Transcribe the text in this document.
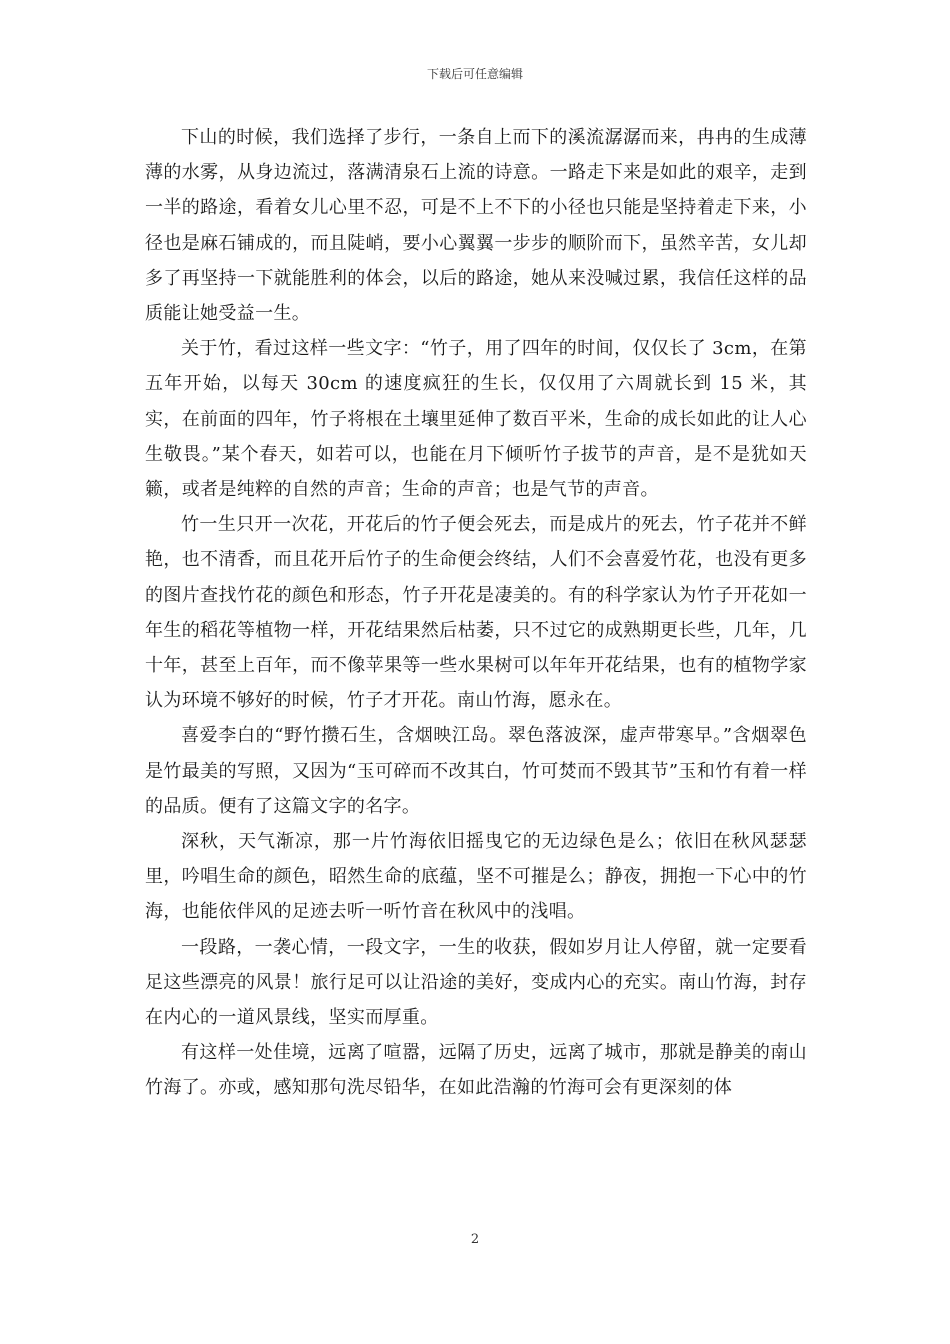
下载后可任意编辑

下山的时候，我们选择了步行，一条自上而下的溪流潺潺而来，冉冉的生成薄薄的水雾，从身边流过，落满清泉石上流的诗意。一路走下来是如此的艰辛，走到一半的路途，看着女儿心里不忍，可是不上不下的小径也只能是坚持着走下来，小径也是麻石铺成的，而且陡峭，要小心翼翼一步步的顺阶而下，虽然辛苦，女儿却多了再坚持一下就能胜利的体会，以后的路途，她从来没喊过累，我信任这样的品质能让她受益一生。

关于竹，看过这样一些文字：“竹子，用了四年的时间，仅仅长了 3cm，在第五年开始，以每天 30cm 的速度疯狂的生长，仅仅用了六周就长到 15 米，其实，在前面的四年，竹子将根在土壤里延伸了数百平米，生命的成长如此的让人心生敬畏。”某个春天，如若可以，也能在月下倾听竹子拔节的声音，是不是犹如天籁，或者是纯粹的自然的声音；生命的声音；也是气节的声音。

竹一生只开一次花，开花后的竹子便会死去，而是成片的死去，竹子花并不鲜艳，也不清香，而且花开后竹子的生命便会终结，人们不会喜爱竹花，也没有更多的图片查找竹花的颜色和形态，竹子开花是凄美的。有的科学家认为竹子开花如一年生的稻花等植物一样，开花结果然后枯萎，只不过它的成熟期更长些，几年，几十年，甚至上百年，而不像苹果等一些水果树可以年年开花结果，也有的植物学家认为环境不够好的时候，竹子才开花。南山竹海，愿永在。

喜爱李白的“野竹攒石生，含烟映江岛。翠色落波深，虚声带寒早。”含烟翠色是竹最美的写照，又因为“玉可碎而不改其白，竹可焚而不毁其节”玉和竹有着一样的品质。便有了这篇文字的名字。

深秋，天气渐凉，那一片竹海依旧摇曳它的无边绿色是么；依旧在秋风瑟瑟里，吟唱生命的颜色，昭然生命的底蕴，坚不可摧是么；静夜，拥抱一下心中的竹海，也能依伴风的足迹去听一听竹音在秋风中的浅唱。

一段路，一袭心情，一段文字，一生的收获，假如岁月让人停留，就一定要看足这些漂亮的风景！旅行足可以让沿途的美好，变成内心的充实。南山竹海，封存在内心的一道风景线，坚实而厚重。

有这样一处佳境，远离了喧嚣，远隔了历史，远离了城市，那就是静美的南山竹海了。亦或，感知那句洗尽铅华，在如此浩瀚的竹海可会有更深刻的体

2
